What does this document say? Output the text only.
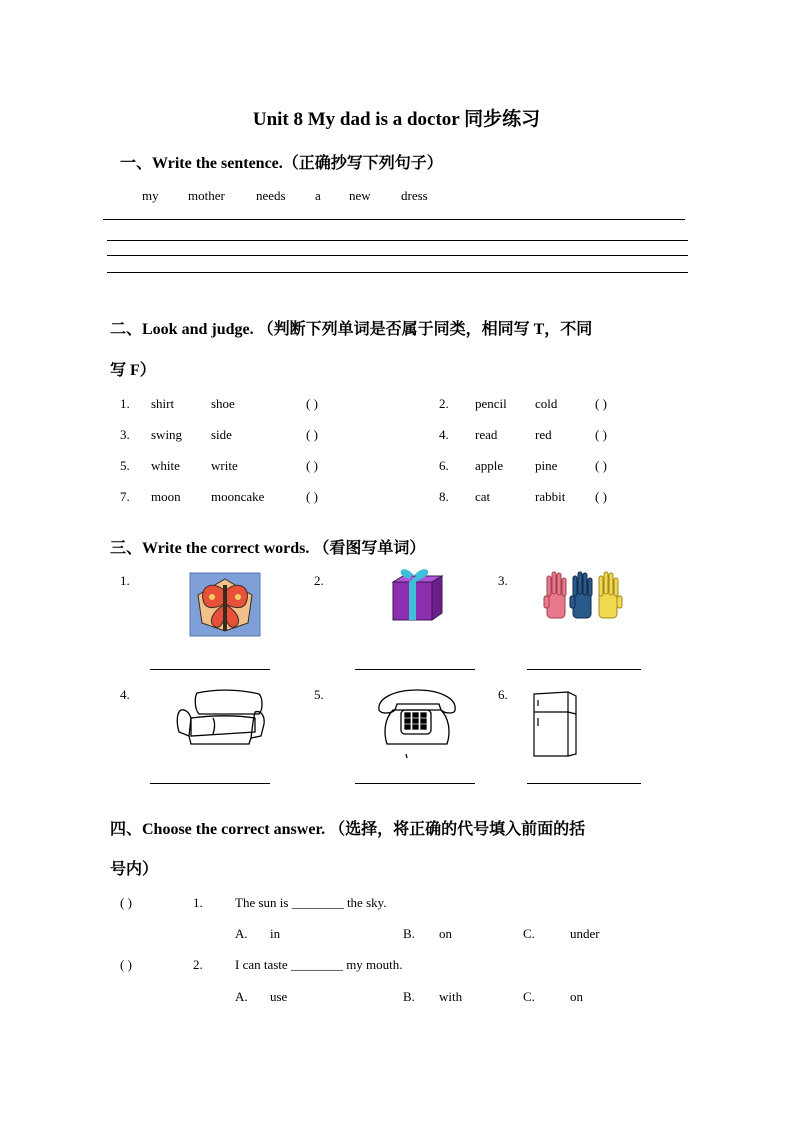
Unit 8 My dad is a doctor 同步练习
一、Write the sentence.（正确抄写下列句子）
my mother needs a new dress
二、Look and judge. （判断下列单词是否属于同类，相同写 T，不同
写 F）
1. shirt	shoe	( )	2. pencil cold	( )
3. swing side	( )	4. read	red	( )
5. white write	( )	6. apple pine	( )
7. moon mooncake	( )	8. cat	rabbit ( )
三、Write the correct words. （看图写单词）
1.	2.	3.
4.	5.	6.
四、Choose the correct answer. （选择，将正确的代号填入前面的括
号内）
( )	1. The sun is ________ the sky.
A. in	B. on	C.	under
( )	2. I can taste ________ my mouth.
A. use	B. with	C.	on
